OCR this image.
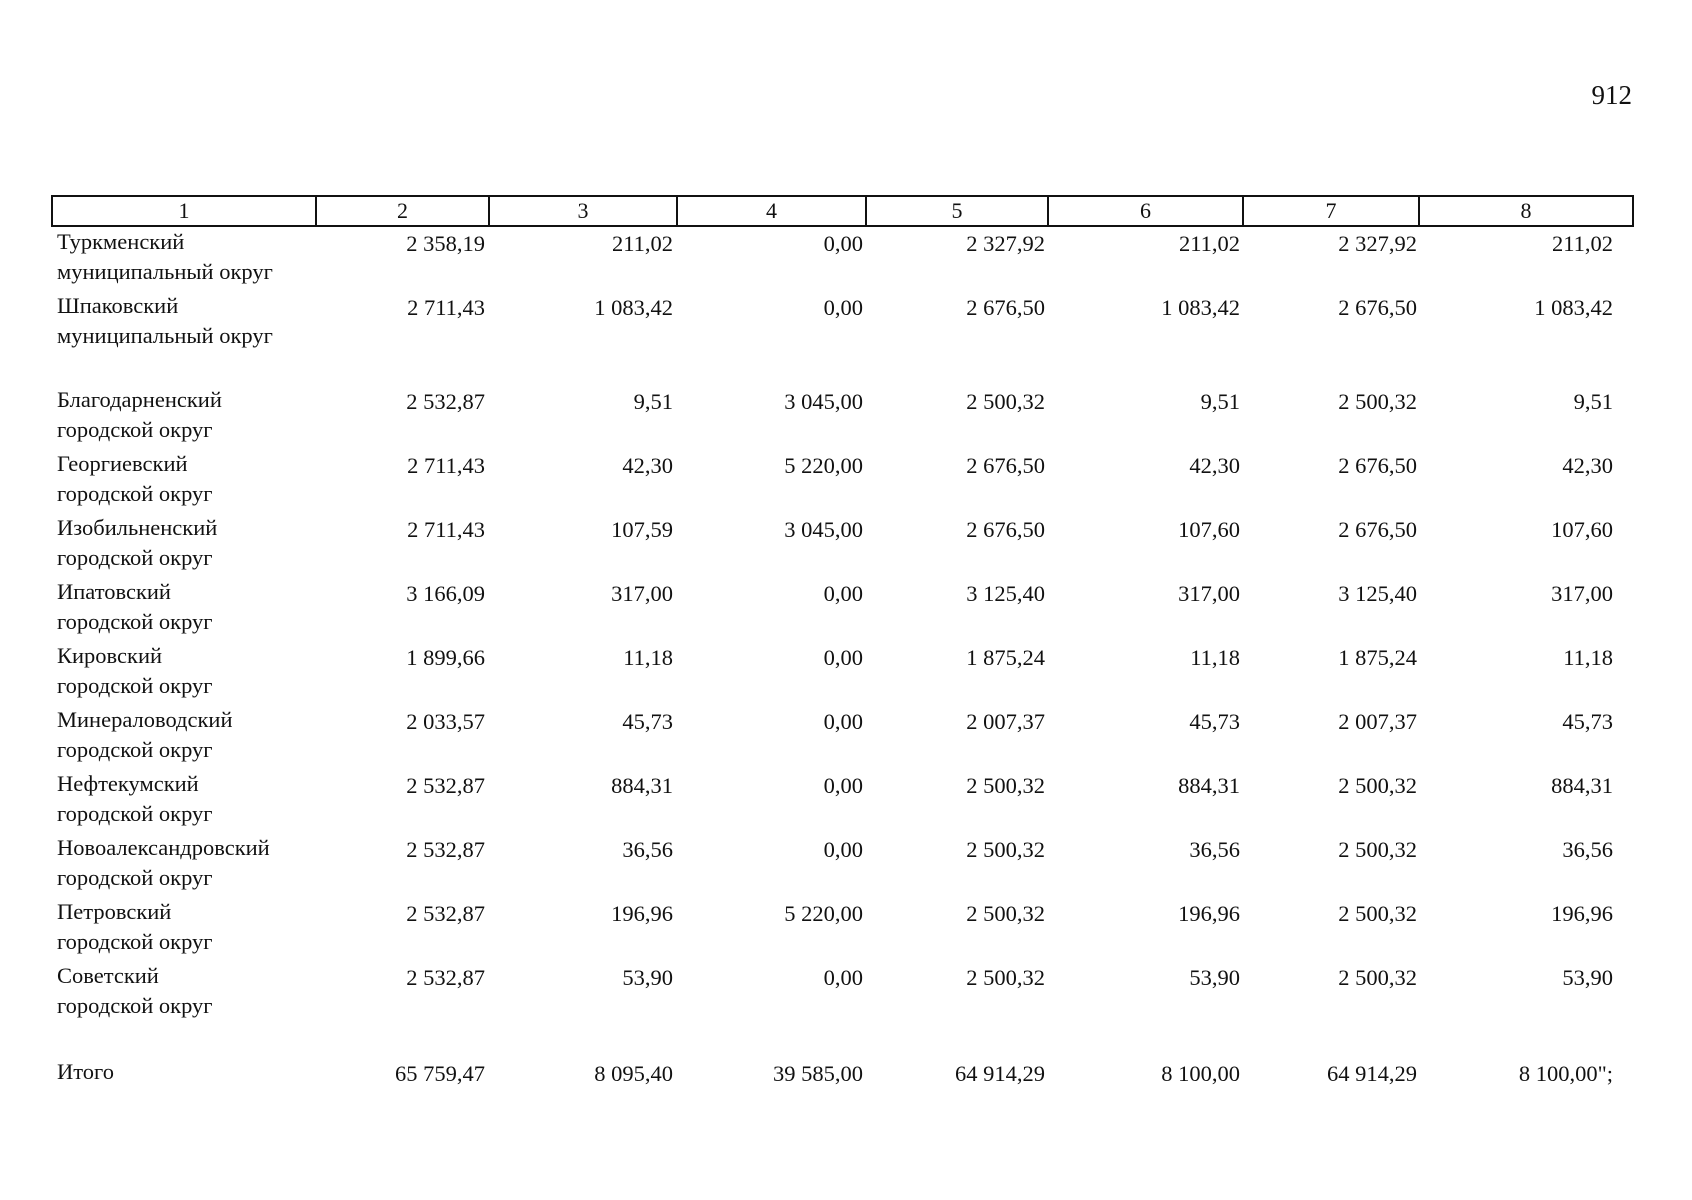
912
1	2	3	4	5	6	7	8
Туркменский
муниципальный округ	2 358,19	211,02	0,00	2 327,92	211,02	2 327,92	211,02
Шпаковский
муниципальный округ	2 711,43	1 083,42	0,00	2 676,50	1 083,42	2 676,50	1 083,42
Благодарненский
городской округ	2 532,87	9,51	3 045,00	2 500,32	9,51	2 500,32	9,51
Георгиевский
городской округ	2 711,43	42,30	5 220,00	2 676,50	42,30	2 676,50	42,30
Изобильненский
городской округ	2 711,43	107,59	3 045,00	2 676,50	107,60	2 676,50	107,60
Ипатовский
городской округ	3 166,09	317,00	0,00	3 125,40	317,00	3 125,40	317,00
Кировский
городской округ	1 899,66	11,18	0,00	1 875,24	11,18	1 875,24	11,18
Минераловодский
городской округ	2 033,57	45,73	0,00	2 007,37	45,73	2 007,37	45,73
Нефтекумский
городской округ	2 532,87	884,31	0,00	2 500,32	884,31	2 500,32	884,31
Новоалександровский
городской округ	2 532,87	36,56	0,00	2 500,32	36,56	2 500,32	36,56
Петровский
городской округ	2 532,87	196,96	5 220,00	2 500,32	196,96	2 500,32	196,96
Советский
городской округ	2 532,87	53,90	0,00	2 500,32	53,90	2 500,32	53,90
Итого	65 759,47	8 095,40	39 585,00	64 914,29	8 100,00	64 914,29	8 100,00";
